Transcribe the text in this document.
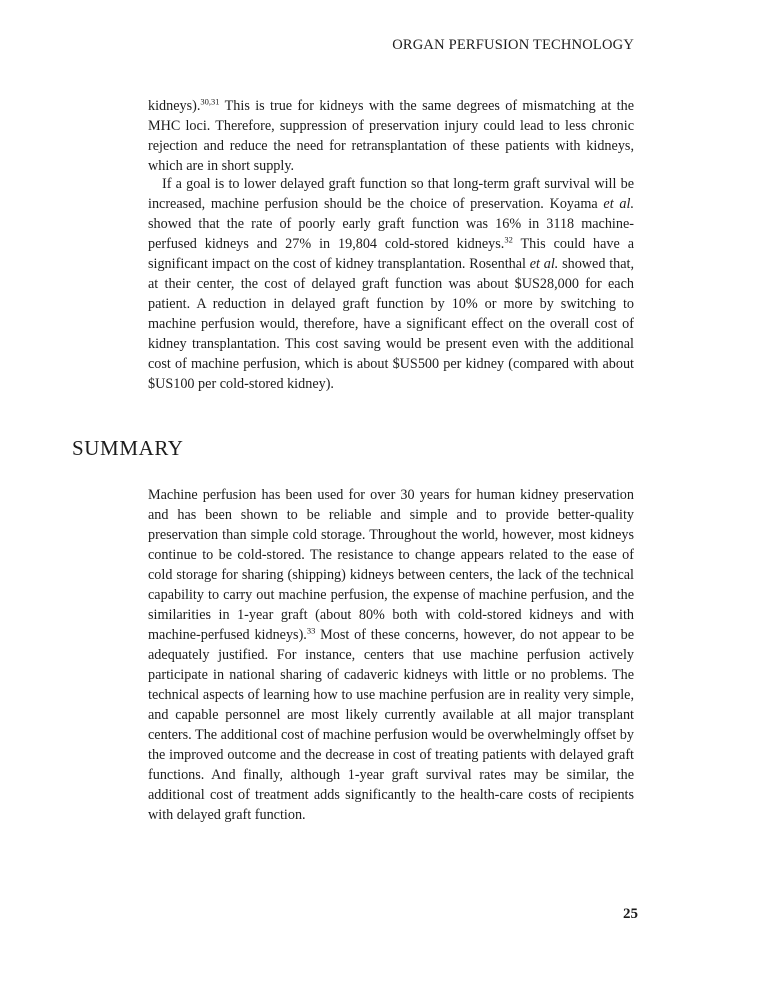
ORGAN PERFUSION TECHNOLOGY

kidneys).$^{30,31}$ This is true for kidneys with the same degrees of mismatching at the MHC loci. Therefore, suppression of preservation injury could lead to less chronic rejection and reduce the need for retransplantation of these patients with kidneys, which are in short supply.

If a goal is to lower delayed graft function so that long-term graft survival will be increased, machine perfusion should be the choice of preservation. Koyama et al. showed that the rate of poorly early graft function was 16% in 3118 machine-perfused kidneys and 27% in 19,804 cold-stored kidneys.$^{32}$ This could have a significant impact on the cost of kidney transplantation. Rosenthal et al. showed that, at their center, the cost of delayed graft function was about $US28,000 for each patient. A reduction in delayed graft function by 10% or more by switching to machine perfusion would, therefore, have a significant effect on the overall cost of kidney transplantation. This cost saving would be present even with the additional cost of machine perfusion, which is about $US500 per kidney (compared with about $US100 per cold-stored kidney).

SUMMARY

Machine perfusion has been used for over 30 years for human kidney preservation and has been shown to be reliable and simple and to provide better-quality preservation than simple cold storage. Throughout the world, however, most kidneys continue to be cold-stored. The resistance to change appears related to the ease of cold storage for sharing (shipping) kidneys between centers, the lack of the technical capability to carry out machine perfusion, the expense of machine perfusion, and the similarities in 1-year graft (about 80% both with cold-stored kidneys and with machine-perfused kidneys).$^{33}$ Most of these concerns, however, do not appear to be adequately justified. For instance, centers that use machine perfusion actively participate in national sharing of cadaveric kidneys with little or no problems. The technical aspects of learning how to use machine perfusion are in reality very simple, and capable personnel are most likely currently available at all major transplant centers. The additional cost of machine perfusion would be overwhelmingly offset by the improved outcome and the decrease in cost of treating patients with delayed graft functions. And finally, although 1-year graft survival rates may be similar, the additional cost of treatment adds significantly to the health-care costs of recipients with delayed graft function.

25
